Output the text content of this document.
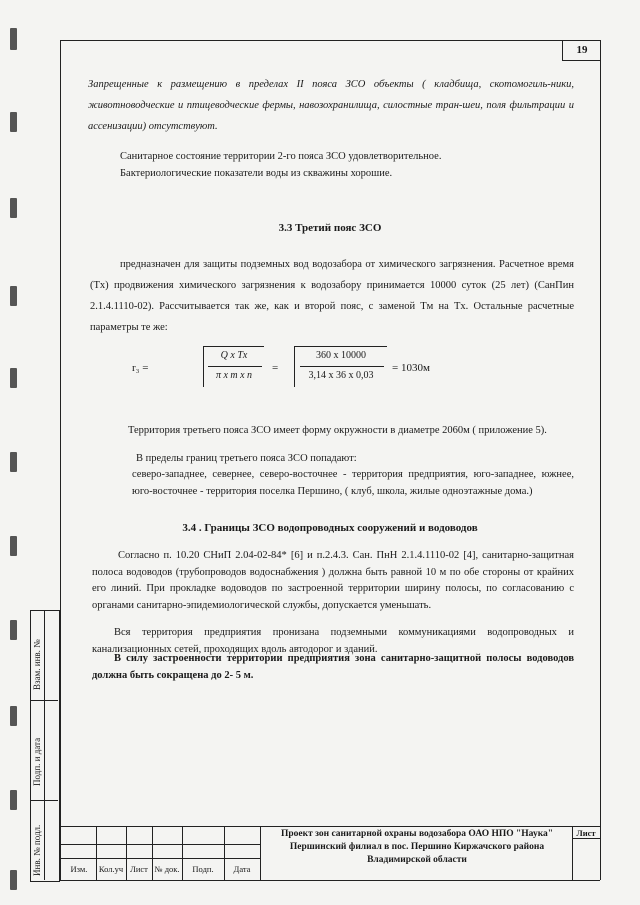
19
Запрещенные к размещению в пределах II пояса ЗСО объекты ( кладбища, скотомогиль-ники, животноводческие и птицеводческие фермы, навозохранилища, силостные тран-шеи, поля фильтрации и ассенизации) отсутствуют.
Санитарное состояние территории 2-го пояса ЗСО удовлетворительное.
Бактериологические показатели воды из скважины хорошие.
3.3 Третий пояс ЗСО
предназначен для защиты подземных вод водозабора от химического загрязнения. Расчетное время (Tх) продвижения химического загрязнения к водозабору принимается 10000 суток (25 лет) (СанПин 2.1.4.1110-02). Рассчитывается так же, как и второй пояс, с заменой Tм на Tх. Остальные расчетные параметры те же:
r₃ =
Q x Tх
π x m x n
=
360 x 10000
3,14 x 36 x 0,03
= 1030м
Территория третьего пояса ЗСО имеет форму окружности в диаметре 2060м ( приложение 5).
В пределы границ третьего пояса ЗСО попадают:
северо-западнее, севернее, северо-восточнее - территория предприятия, юго-западнее, южнее, юго-восточнее - территория поселка Першино, ( клуб, школа, жилые одноэтажные дома.)
3.4 . Границы ЗСО водопроводных сооружений и водоводов
Согласно п. 10.20 СНиП 2.04-02-84* [6] и п.2.4.3. Сан. ПнН 2.1.4.1110-02 [4], санитарно-защитная полоса водоводов (трубопроводов водоснабжения ) должна быть равной 10 м по обе стороны от крайних его линий. При прокладке водоводов по застроенной территории ширину полосы, по согласованию с органами санитарно-эпидемиологической службы, допускается уменьшать.
Вся территория предприятия пронизана подземными коммуникациями водопроводных и канализационных сетей, проходящих вдоль автодорог и зданий.
В силу застроенности территории предприятия зона санитарно-защитной полосы водоводов должна быть сокращена до 2- 5 м.
Взам. инв. №
Подп. и дата
Инв. № подл.	Изм.	Кол.уч Лист № док.	Подп.	Дата
Проект зон санитарной охраны водозабора ОАО НПО "Наука"
Першинский филиал в пос. Першино Киржачского района
Владимирской области
Лист
